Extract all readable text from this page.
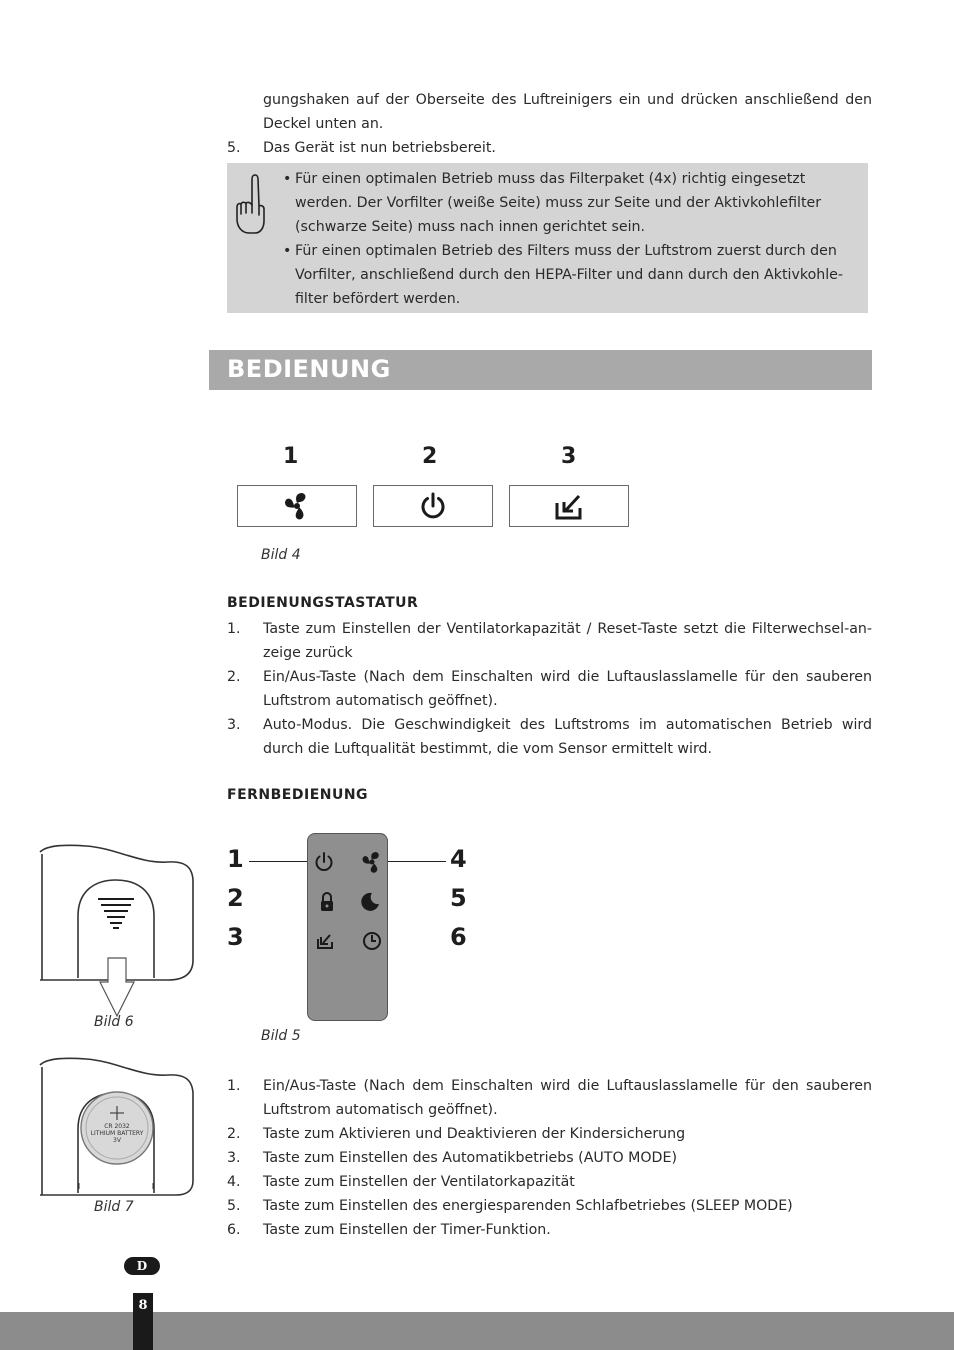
gungshaken auf der Oberseite des Luftreinigers ein und drücken anschließend den
Deckel unten an.
5.	Das Gerät ist nun betriebsbereit.
• Für einen optimalen Betrieb muss das Filterpaket (4x) richtig eingesetzt
werden. Der Vorfilter (weiße Seite) muss zur Seite und der Aktivkohlefilter
(schwarze Seite) muss nach innen gerichtet sein.
• Für einen optimalen Betrieb des Filters muss der Luftstrom zuerst durch den
Vorfilter, anschließend durch den HEPA-Filter und dann durch den Aktivkohle-
filter befördert werden.
BEDIENUNG
1	2	3
Bild 4
BEDIENUNGSTASTATUR
1.	Taste zum Einstellen der Ventilatorkapazität / Reset-Taste setzt die Filterwechsel-an-
zeige zurück
2.	Ein/Aus-Taste (Nach dem Einschalten wird die Luftauslasslamelle für den sauberen
Luftstrom automatisch geöffnet).
3.	Auto-Modus. Die Geschwindigkeit des Luftstroms im automatischen Betrieb wird
durch die Luftqualität bestimmt, die vom Sensor ermittelt wird.
FERNBEDIENUNG
1
2
3
4
5
6
Bild 5
Bild 6
CR 2032
LITHIUM BATTERY
3V
Bild 7
1.	Ein/Aus-Taste (Nach dem Einschalten wird die Luftauslasslamelle für den sauberen
Luftstrom automatisch geöffnet).
2.	Taste zum Aktivieren und Deaktivieren der Kindersicherung
3.	Taste zum Einstellen des Automatikbetriebs (AUTO MODE)
4.	Taste zum Einstellen der Ventilatorkapazität
5.	Taste zum Einstellen des energiesparenden Schlafbetriebes (SLEEP MODE)
6.	Taste zum Einstellen der Timer-Funktion.
D
8
